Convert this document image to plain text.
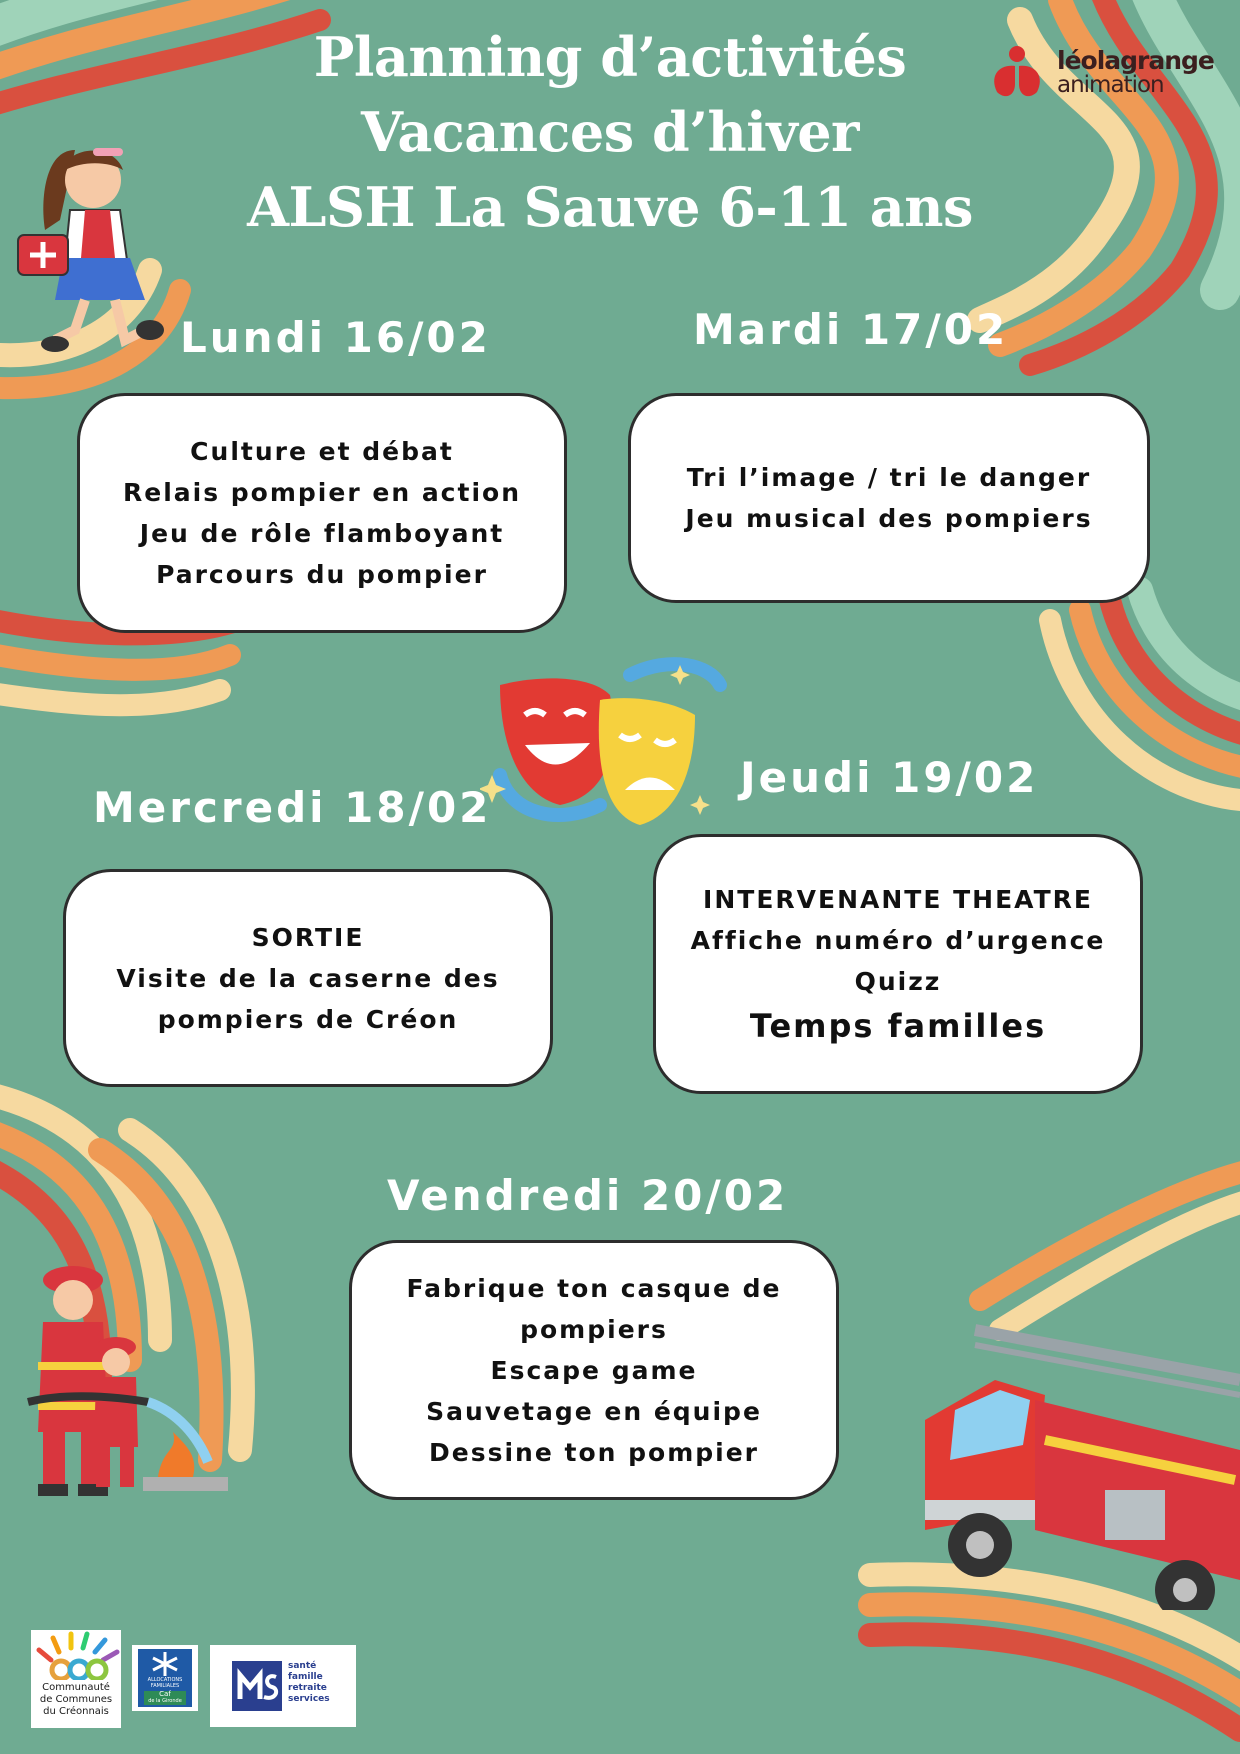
Planning d’activités
Vacances d’hiver
ALSH La Sauve 6-11 ans
léolagrange
animation
Lundi 16/02
Culture et débat
Relais pompier en action
Jeu de rôle flamboyant
Parcours du pompier
Mardi 17/02
Tri l’image / tri le danger
Jeu musical des pompiers
Mercredi 18/02
SORTIE
Visite de la caserne des
pompiers de Créon
Jeudi 19/02
INTERVENANTE THEATRE
Affiche numéro d’urgence
Quizz
Temps familles
Vendredi 20/02
Fabrique ton casque de
pompiers
Escape game
Sauvetage en équipe
Dessine ton pompier
Communauté
de Communes
du Créonnais
ALLOCATIONS
FAMILIALES
Caf
de la Gironde
santé
famille
retraite
services
